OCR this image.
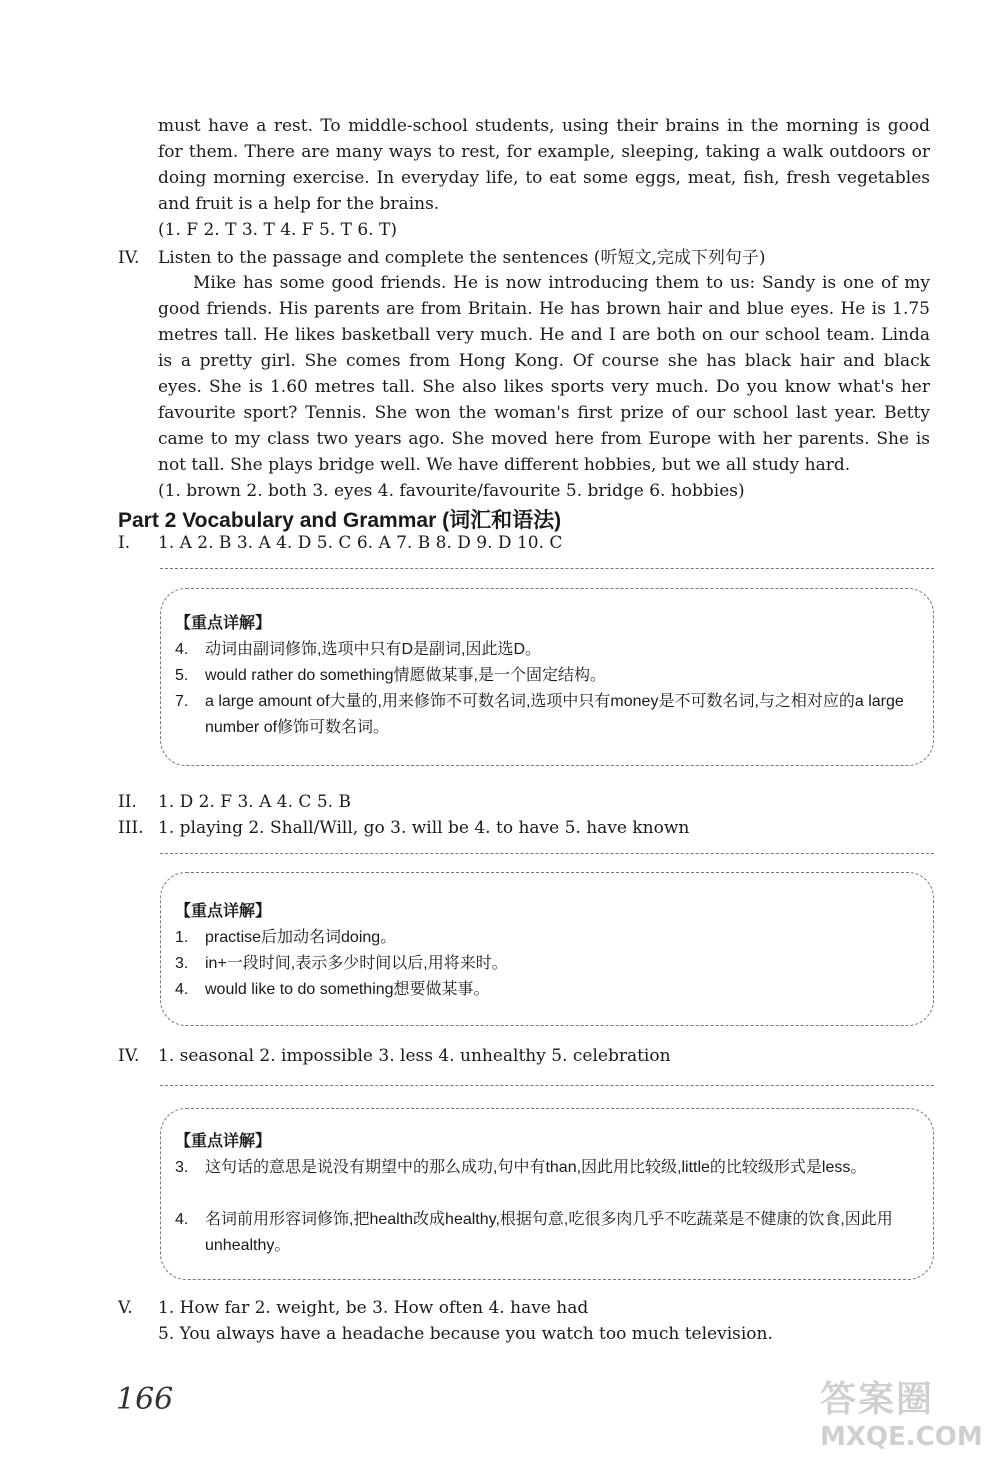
must have a rest. To middle-school students, using their brains in the morning is good
for them. There are many ways to rest, for example, sleeping, taking a walk outdoors or
doing morning exercise. In everyday life, to eat some eggs, meat, fish, fresh vegetables
and fruit is a help for the brains.
(1. F 2. T 3. T 4. F 5. T 6. T)
IV. Listen to the passage and complete the sentences (听短文,完成下列句子)
Mike has some good friends. He is now introducing them to us: Sandy is one of my
good friends. His parents are from Britain. He has brown hair and blue eyes. He is 1.75
metres tall. He likes basketball very much. He and I are both on our school team. Linda
is a pretty girl. She comes from Hong Kong. Of course she has black hair and black
eyes. She is 1.60 metres tall. She also likes sports very much. Do you know what's her
favourite sport? Tennis. She won the woman's first prize of our school last year. Betty
came to my class two years ago. She moved here from Europe with her parents. She is
not tall. She plays bridge well. We have different hobbies, but we all study hard.
(1. brown 2. both 3. eyes 4. favourite/favourite 5. bridge 6. hobbies)
Part 2 Vocabulary and Grammar (词汇和语法)
I. 1. A 2. B 3. A 4. D 5. C 6. A 7. B 8. D 9. D 10. C
【重点详解】
4. 动词由副词修饰,选项中只有D是副词,因此选D。
5. would rather do something情愿做某事,是一个固定结构。
7. a large amount of大量的,用来修饰不可数名词,选项中只有money是不可数名词,与之相对应的a large number of修饰可数名词。
II. 1. D 2. F 3. A 4. C 5. B
III. 1. playing 2. Shall/Will, go 3. will be 4. to have 5. have known
【重点详解】
1. practise后加动名词doing。
3. in+一段时间,表示多少时间以后,用将来时。
4. would like to do something想要做某事。
IV. 1. seasonal 2. impossible 3. less 4. unhealthy 5. celebration
【重点详解】
3. 这句话的意思是说没有期望中的那么成功,句中有than,因此用比较级,little的比较级形式是less。
4. 名词前用形容词修饰,把health改成healthy,根据句意,吃很多肉几乎不吃蔬菜是不健康的饮食,因此用unhealthy。
V. 1. How far 2. weight, be 3. How often 4. have had
5. You always have a headache because you watch too much television.
166	答案圈
MXQE.COM
